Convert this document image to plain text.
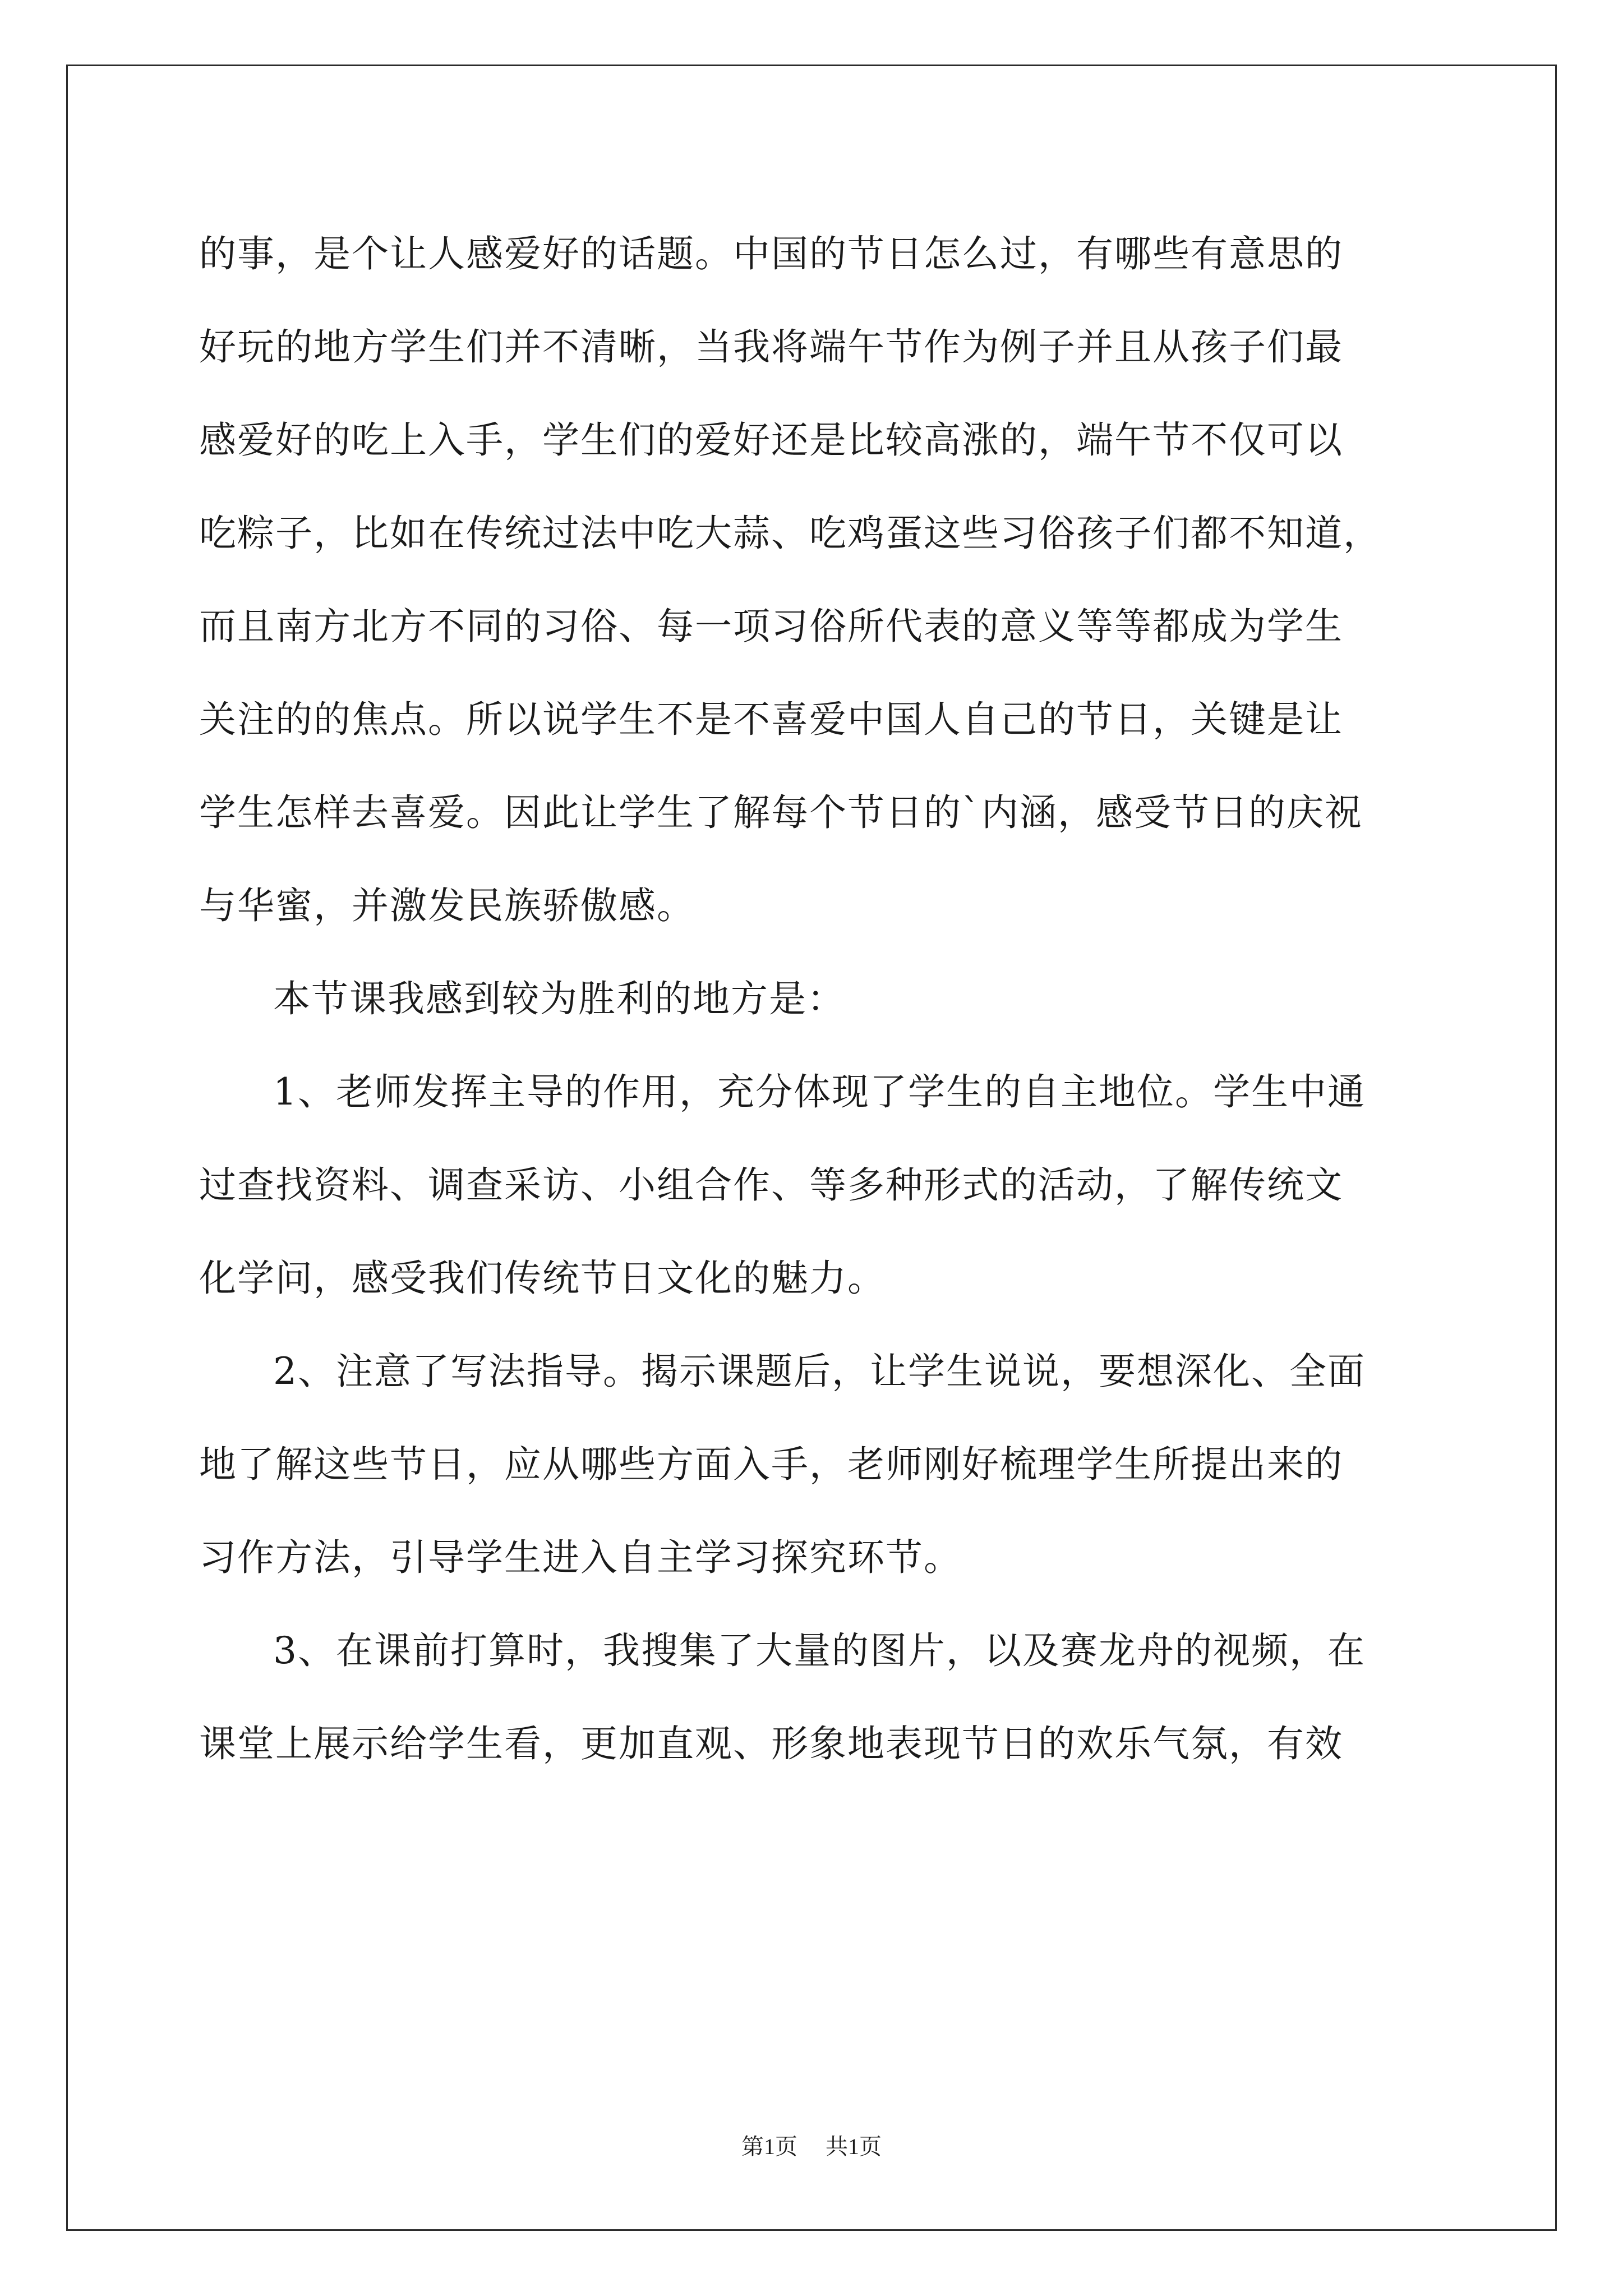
的事，是个让人感爱好的话题。中国的节日怎么过，有哪些有意思的
好玩的地方学生们并不清晰，当我将端午节作为例子并且从孩子们最
感爱好的吃上入手，学生们的爱好还是比较高涨的，端午节不仅可以
吃粽子，比如在传统过法中吃大蒜、吃鸡蛋这些习俗孩子们都不知道，
而且南方北方不同的习俗、每一项习俗所代表的意义等等都成为学生
关注的的焦点。所以说学生不是不喜爱中国人自己的节日，关键是让
学生怎样去喜爱。因此让学生了解每个节日的`内涵，感受节日的庆祝
与华蜜，并激发民族骄傲感。
本节课我感到较为胜利的地方是：
1、老师发挥主导的作用，充分体现了学生的自主地位。学生中通
过查找资料、调查采访、小组合作、等多种形式的活动，了解传统文
化学问，感受我们传统节日文化的魅力。
2、注意了写法指导。揭示课题后，让学生说说，要想深化、全面
地了解这些节日，应从哪些方面入手，老师刚好梳理学生所提出来的
习作方法，引导学生进入自主学习探究环节。
3、在课前打算时，我搜集了大量的图片，以及赛龙舟的视频，在
课堂上展示给学生看，更加直观、形象地表现节日的欢乐气氛，有效
第1页 共1页
